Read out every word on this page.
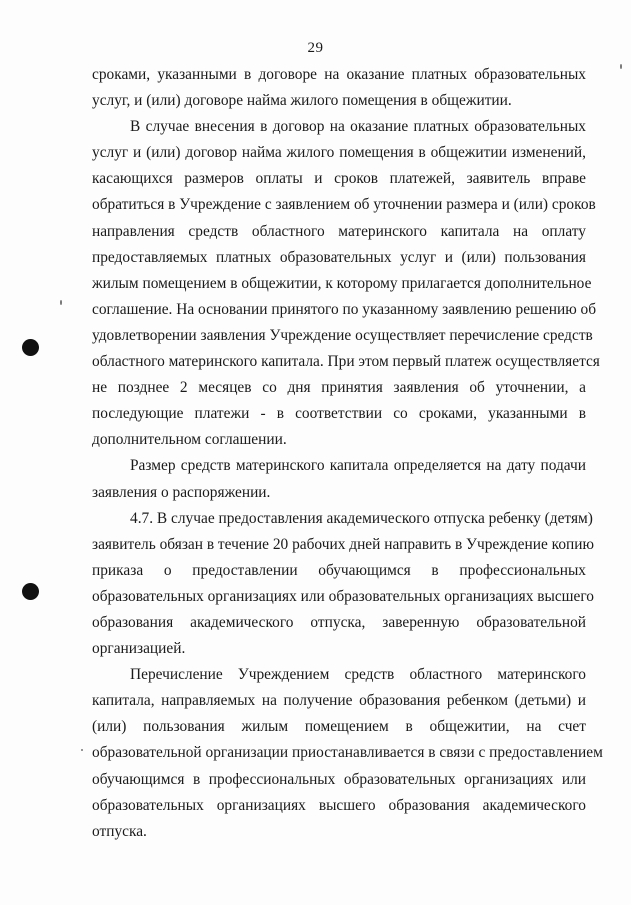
29
сроками, указанными в договоре на оказание платных образовательных
услуг, и (или) договоре найма жилого помещения в общежитии.
В случае внесения в договор на оказание платных образовательных
услуг и (или) договор найма жилого помещения в общежитии изменений,
касающихся размеров оплаты и сроков платежей, заявитель вправе
обратиться в Учреждение с заявлением об уточнении размера и (или) сроков
направления средств областного материнского капитала на оплату
предоставляемых платных образовательных услуг и (или) пользования
жилым помещением в общежитии, к которому прилагается дополнительное
соглашение. На основании принятого по указанному заявлению решению об
удовлетворении заявления Учреждение осуществляет перечисление средств
областного материнского капитала. При этом первый платеж осуществляется
не позднее 2 месяцев со дня принятия заявления об уточнении, а
последующие платежи - в соответствии со сроками, указанными в
дополнительном соглашении.
Размер средств материнского капитала определяется на дату подачи
заявления о распоряжении.
4.7. В случае предоставления академического отпуска ребенку (детям)
заявитель обязан в течение 20 рабочих дней направить в Учреждение копию
приказа о предоставлении обучающимся в профессиональных
образовательных организациях или образовательных организациях высшего
образования академического отпуска, заверенную образовательной
организацией.
Перечисление Учреждением средств областного материнского
капитала, направляемых на получение образования ребенком (детьми) и
(или) пользования жилым помещением в общежитии, на счет
образовательной организации приостанавливается в связи с предоставлением
обучающимся в профессиональных образовательных организациях или
образовательных организациях высшего образования академического
отпуска.
